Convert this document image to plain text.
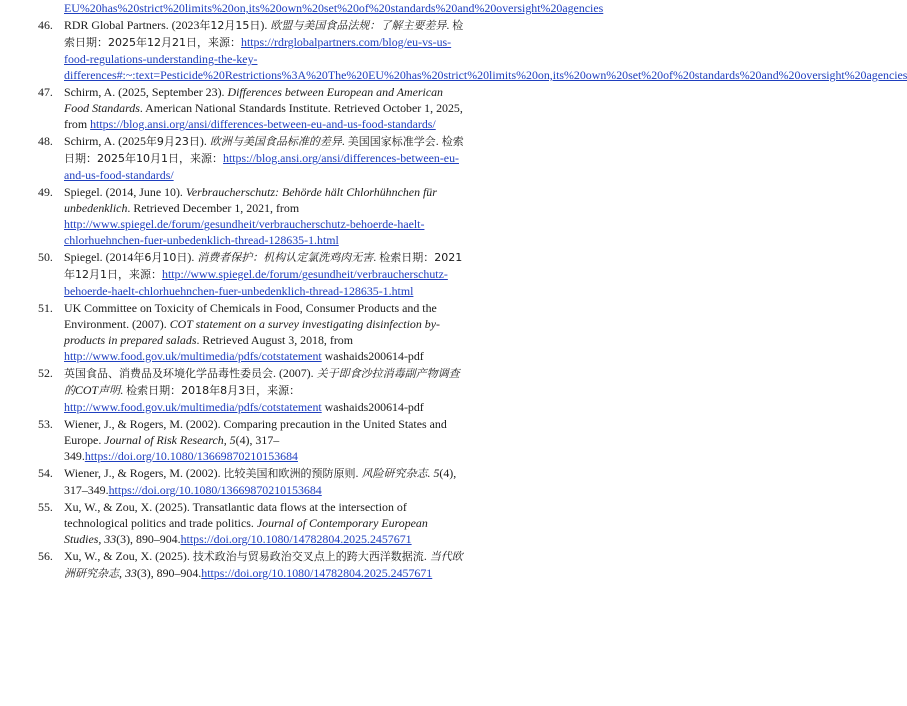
EU%20has%20strict%20limits%20on,its%20own%20set%20of%20standards%20and%20oversight%20agencies

46. RDR Global Partners. (2023年12月15日). 欧盟与美国食品法规：了解主要差异. 检索日期：2025年12月21日，来源：https://rdrglobalpartners.com/blog/eu-vs-us-food-regulations-understanding-the-key-differences#:~:text=Pesticide%20Restrictions%3A%20The%20EU%20has%20strict%20limits%20on,its%20own%20set%20of%20standards%20and%20oversight%20agencies
47. Schirm, A. (2025, September 23). Differences between European and American Food Standards. American National Standards Institute. Retrieved October 1, 2025, from https://blog.ansi.org/ansi/differences-between-eu-and-us-food-standards/
48. Schirm, A. (2025年9月23日). 欧洲与美国食品标准的差异. 美国国家标准学会. 检索日期：2025年10月1日，来源：https://blog.ansi.org/ansi/differences-between-eu-and-us-food-standards/
49. Spiegel. (2014, June 10). Verbraucherschutz: Behörde hält Chlorhühnchen für unbedenklich. Retrieved December 1, 2021, from http://www.spiegel.de/forum/gesundheit/verbraucherschutz-behoerde-haelt-chlorhuehnchen-fuer-unbedenklich-thread-128635-1.html
50. Spiegel. (2014年6月10日). 消费者保护：机构认定氯洗鸡肉无害. 检索日期：2021年12月1日，来源：http://www.spiegel.de/forum/gesundheit/verbraucherschutz-behoerde-haelt-chlorhuehnchen-fuer-unbedenklich-thread-128635-1.html
51. UK Committee on Toxicity of Chemicals in Food, Consumer Products and the Environment. (2007). COT statement on a survey investigating disinfection by-products in prepared salads. Retrieved August 3, 2018, from http://www.food.gov.uk/multimedia/pdfs/cotstatement washaids200614-pdf
52. 英国食品、消费品及环境化学品毒性委员会. (2007). 关于即食沙拉消毒副产物调查的COT声明. 检索日期：2018年8月3日，来源：http://www.food.gov.uk/multimedia/pdfs/cotstatement washaids200614-pdf
53. Wiener, J., & Rogers, M. (2002). Comparing precaution in the United States and Europe. Journal of Risk Research, 5(4), 317–349.https://doi.org/10.1080/13669870210153684
54. Wiener, J., & Rogers, M. (2002). 比较美国和欧洲的预防原则. 风险研究杂志. 5(4), 317–349.https://doi.org/10.1080/13669870210153684
55. Xu, W., & Zou, X. (2025). Transatlantic data flows at the intersection of technological politics and trade politics. Journal of Contemporary European Studies, 33(3), 890–904.https://doi.org/10.1080/14782804.2025.2457671
56. Xu, W., & Zou, X. (2025). 技术政治与贸易政治交叉点上的跨大西洋数据流. 当代欧洲研究杂志, 33(3), 890–904.https://doi.org/10.1080/14782804.2025.2457671
